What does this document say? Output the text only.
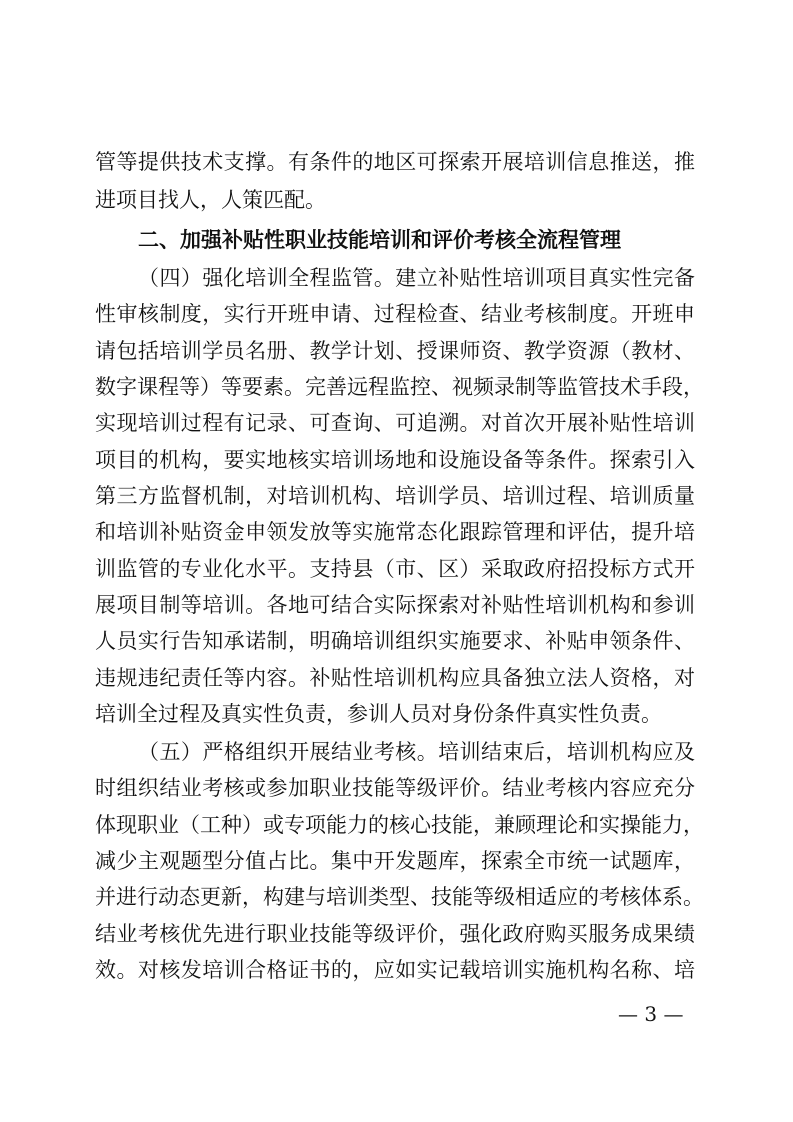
管等提供技术支撑。有条件的地区可探索开展培训信息推送，推
进项目找人，人策匹配。
二、加强补贴性职业技能培训和评价考核全流程管理
（四）强化培训全程监管。建立补贴性培训项目真实性完备
性审核制度，实行开班申请、过程检查、结业考核制度。开班申
请包括培训学员名册、教学计划、授课师资、教学资源（教材、
数字课程等）等要素。完善远程监控、视频录制等监管技术手段，
实现培训过程有记录、可查询、可追溯。对首次开展补贴性培训
项目的机构，要实地核实培训场地和设施设备等条件。探索引入
第三方监督机制，对培训机构、培训学员、培训过程、培训质量
和培训补贴资金申领发放等实施常态化跟踪管理和评估，提升培
训监管的专业化水平。支持县（市、区）采取政府招投标方式开
展项目制等培训。各地可结合实际探索对补贴性培训机构和参训
人员实行告知承诺制，明确培训组织实施要求、补贴申领条件、
违规违纪责任等内容。补贴性培训机构应具备独立法人资格，对
培训全过程及真实性负责，参训人员对身份条件真实性负责。
（五）严格组织开展结业考核。培训结束后，培训机构应及
时组织结业考核或参加职业技能等级评价。结业考核内容应充分
体现职业（工种）或专项能力的核心技能，兼顾理论和实操能力，
减少主观题型分值占比。集中开发题库，探索全市统一试题库，
并进行动态更新，构建与培训类型、技能等级相适应的考核体系。
结业考核优先进行职业技能等级评价，强化政府购买服务成果绩
效。对核发培训合格证书的，应如实记载培训实施机构名称、培
— 3 —
